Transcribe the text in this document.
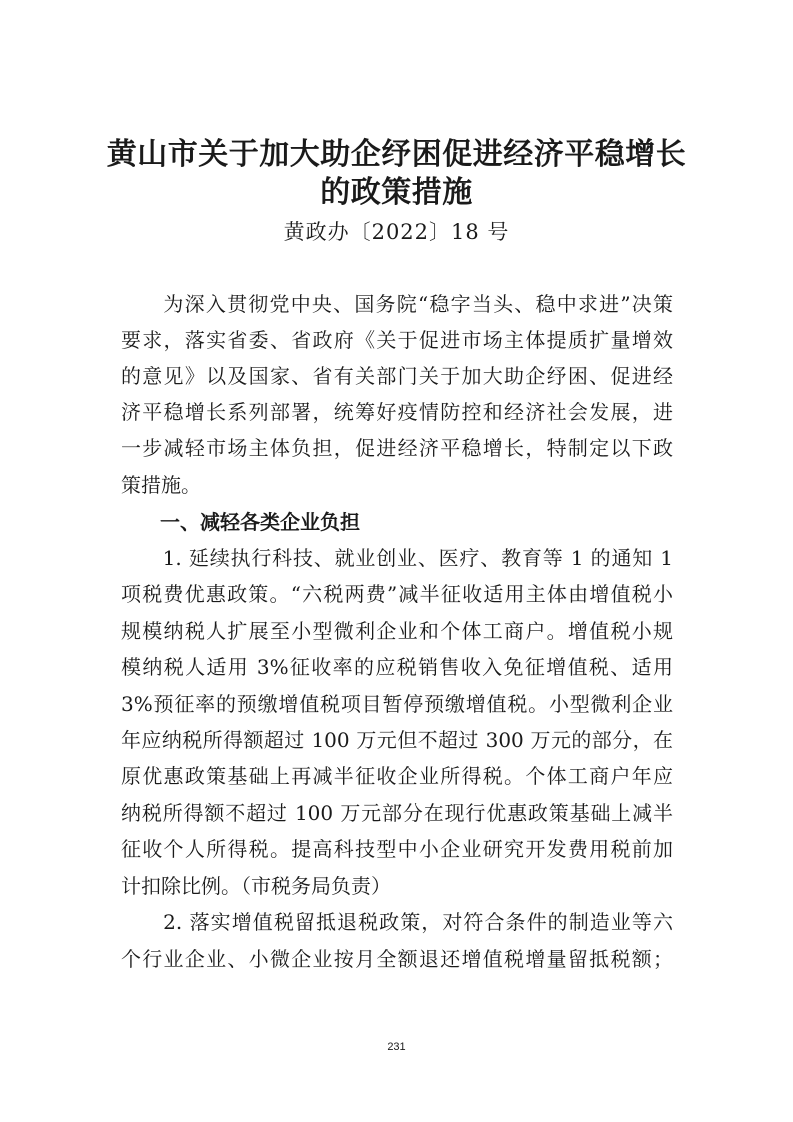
黄山市关于加大助企纾困促进经济平稳增长
的政策措施
黄政办〔2022〕18 号
　　为深入贯彻党中央、国务院“稳字当头、稳中求进”决策
要求，落实省委、省政府《关于促进市场主体提质扩量增效
的意见》以及国家、省有关部门关于加大助企纾困、促进经
济平稳增长系列部署，统筹好疫情防控和经济社会发展，进
一步减轻市场主体负担，促进经济平稳增长，特制定以下政
策措施。
一、减轻各类企业负担
　　1. 延续执行科技、就业创业、医疗、教育等 1 的通知 1
项税费优惠政策。“六税两费”减半征收适用主体由增值税小
规模纳税人扩展至小型微利企业和个体工商户。增值税小规
模纳税人适用 3%征收率的应税销售收入免征增值税、适用
3%预征率的预缴增值税项目暂停预缴增值税。小型微利企业
年应纳税所得额超过 100 万元但不超过 300 万元的部分，在
原优惠政策基础上再减半征收企业所得税。个体工商户年应
纳税所得额不超过 100 万元部分在现行优惠政策基础上减半
征收个人所得税。提高科技型中小企业研究开发费用税前加
计扣除比例。（市税务局负责）
　　2. 落实增值税留抵退税政策，对符合条件的制造业等六
个行业企业、小微企业按月全额退还增值税增量留抵税额；
231
